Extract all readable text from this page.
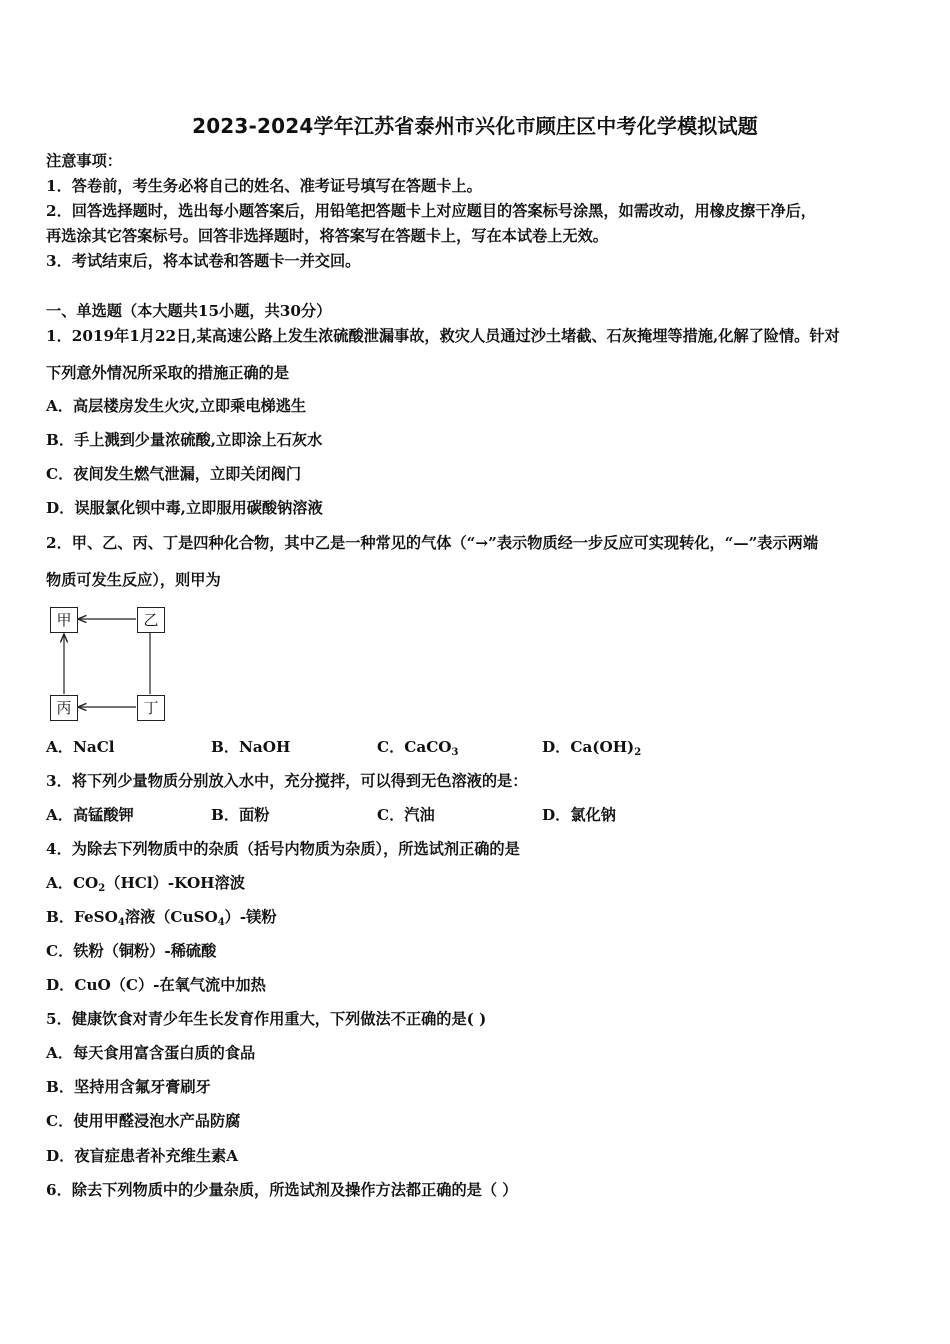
2023-2024学年江苏省泰州市兴化市顾庄区中考化学模拟试题
注意事项：
1．答卷前，考生务必将自己的姓名、准考证号填写在答题卡上。
2．回答选择题时，选出每小题答案后，用铅笔把答题卡上对应题目的答案标号涂黑，如需改动，用橡皮擦干净后，
再选涂其它答案标号。回答非选择题时，将答案写在答题卡上，写在本试卷上无效。
3．考试结束后，将本试卷和答题卡一并交回。
一、单选题（本大题共15小题，共30分）
1．2019年1月22日,某高速公路上发生浓硫酸泄漏事故，救灾人员通过沙土堵截、石灰掩埋等措施,化解了险情。针对
下列意外情况所采取的措施正确的是
A．高层楼房发生火灾,立即乘电梯逃生
B．手上溅到少量浓硫酸,立即涂上石灰水
C．夜间发生燃气泄漏，立即关闭阀门
D．误服氯化钡中毒,立即服用碳酸钠溶液
2．甲、乙、丙、丁是四种化合物，其中乙是一种常见的气体（“→”表示物质经一步反应可实现转化，“—”表示两端
物质可发生反应），则甲为
甲	乙
丙	丁
A．NaCl	B．NaOH	C．CaCO$_3$	D．$Ca(OH)_2$
3．将下列少量物质分别放入水中，充分搅拌，可以得到无色溶液的是：
A．高锰酸钾	B．面粉	C．汽油	D．氯化钠
4．为除去下列物质中的杂质（括号内物质为杂质），所选试剂正确的是
A．$CO_2(HCl)$-KOH溶波
B．FeSO$_4$溶液（CuSO$_4$）-镁粉
C．铁粉（铜粉）-稀硫酸
D．CuO（C）-在氧气流中加热
5．健康饮食对青少年生长发育作用重大，下列做法不正确的是( )
A．每天食用富含蛋白质的食品
B．坚持用含氟牙膏刷牙
C．使用甲醛浸泡水产品防腐
D．夜盲症患者补充维生素A
6．除去下列物质中的少量杂质，所选试剂及操作方法都正确的是（ ）
